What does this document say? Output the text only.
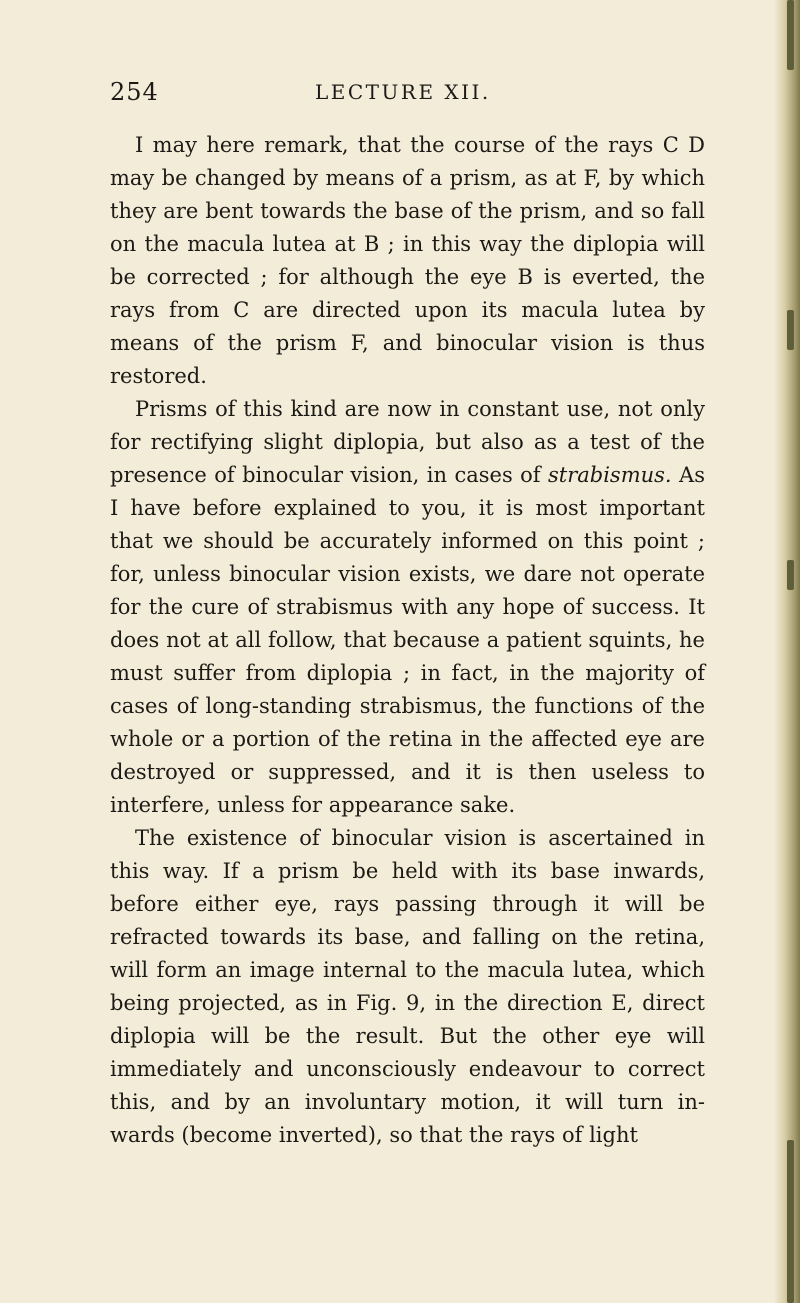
254	LECTURE XII.

I may here remark, that the course of the rays C D may be changed by means of a prism, as at F, by which they are bent towards the base of the prism, and so fall on the macula lutea at B ; in this way the diplopia will be corrected ; for although the eye B is everted, the rays from C are directed upon its macula lutea by means of the prism F, and binocular vision is thus restored.

Prisms of this kind are now in constant use, not only for rectifying slight diplopia, but also as a test of the presence of binocular vision, in cases of strabismus. As I have before explained to you, it is most important that we should be accurately informed on this point ; for, unless binocular vision exists, we dare not operate for the cure of strabismus with any hope of success. It does not at all follow, that because a patient squints, he must suffer from diplopia ; in fact, in the majority of cases of long-standing strabismus, the functions of the whole or a portion of the retina in the affected eye are destroyed or suppressed, and it is then useless to interfere, unless for appearance sake.

The existence of binocular vision is ascertained in this way. If a prism be held with its base inwards, before either eye, rays passing through it will be refracted towards its base, and falling on the retina, will form an image internal to the macula lutea, which being projected, as in Fig. 9, in the direction E, direct diplopia will be the result. But the other eye will immediately and unconsciously endeavour to correct this, and by an involuntary motion, it will turn in- wards (become inverted), so that the rays of light
